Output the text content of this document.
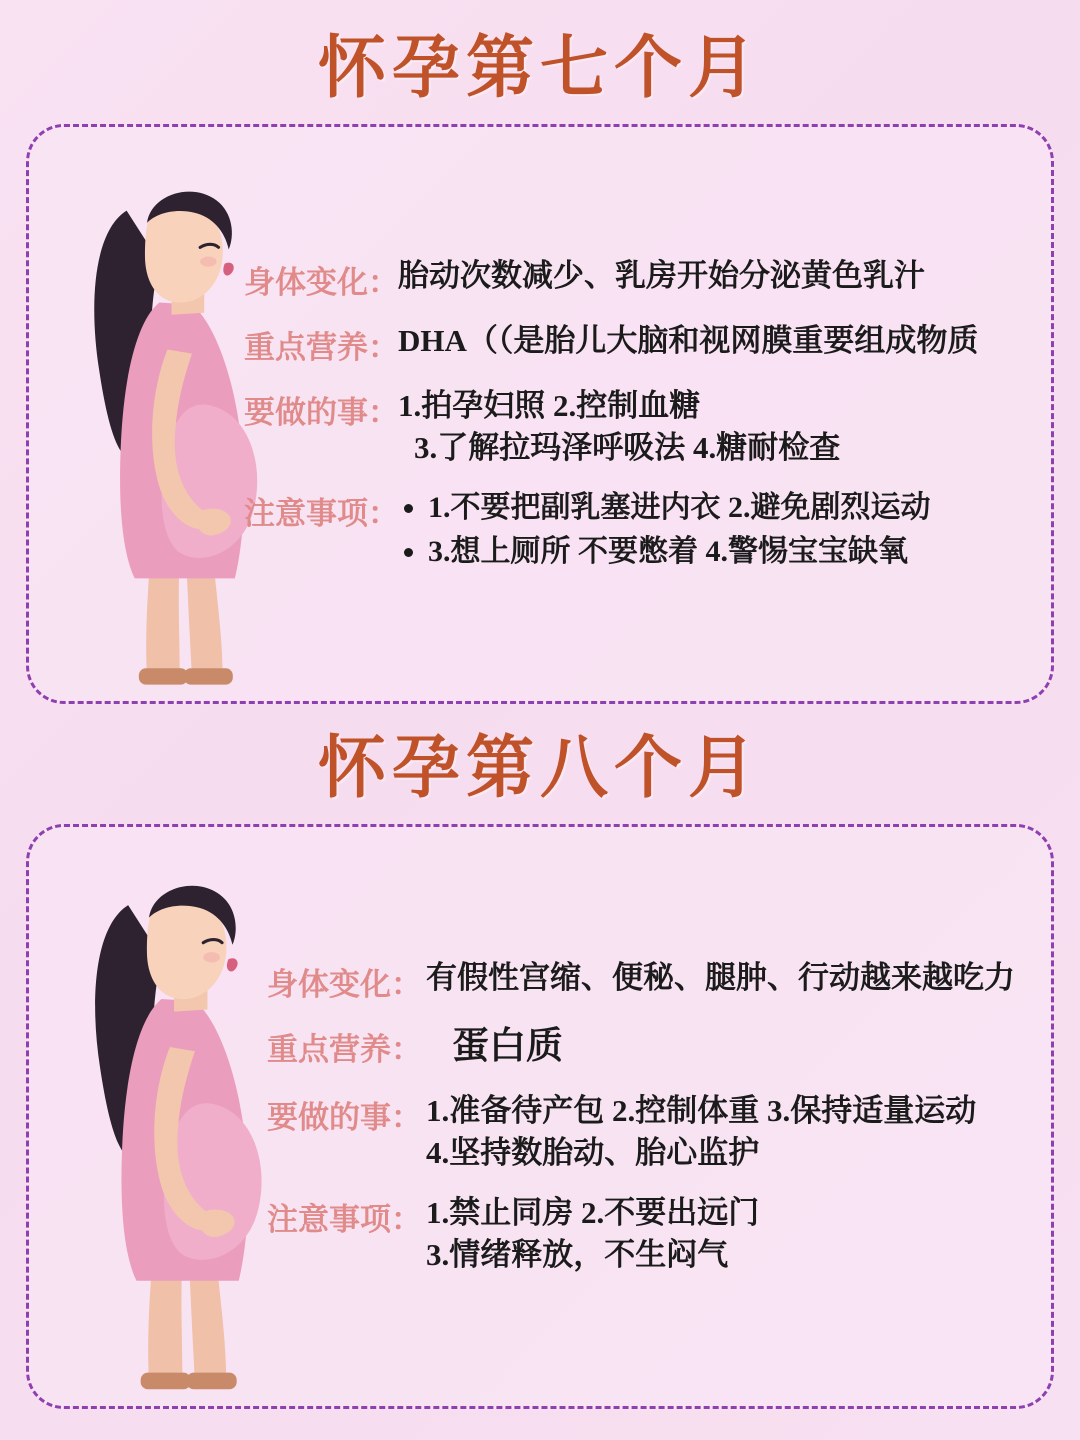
怀孕第七个月
身体变化： 胎动次数减少、乳房开始分泌黄色乳汁
重点营养： DHA（（是胎儿大脑和视网膜重要组成物质
要做的事： 1.拍孕妇照 2.控制血糖
3.了解拉玛泽呼吸法 4.糖耐检查
注意事项： • 1.不要把副乳塞进内衣 2.避免剧烈运动
• 3.想上厕所 不要憋着 4.警惕宝宝缺氧
怀孕第八个月
身体变化： 有假性宫缩、便秘、腿肿、行动越来越吃力
重点营养： 蛋白质
要做的事： 1.准备待产包 2.控制体重 3.保持适量运动
4.坚持数胎动、胎心监护
注意事项： 1.禁止同房 2.不要出远门
3.情绪释放，不生闷气
